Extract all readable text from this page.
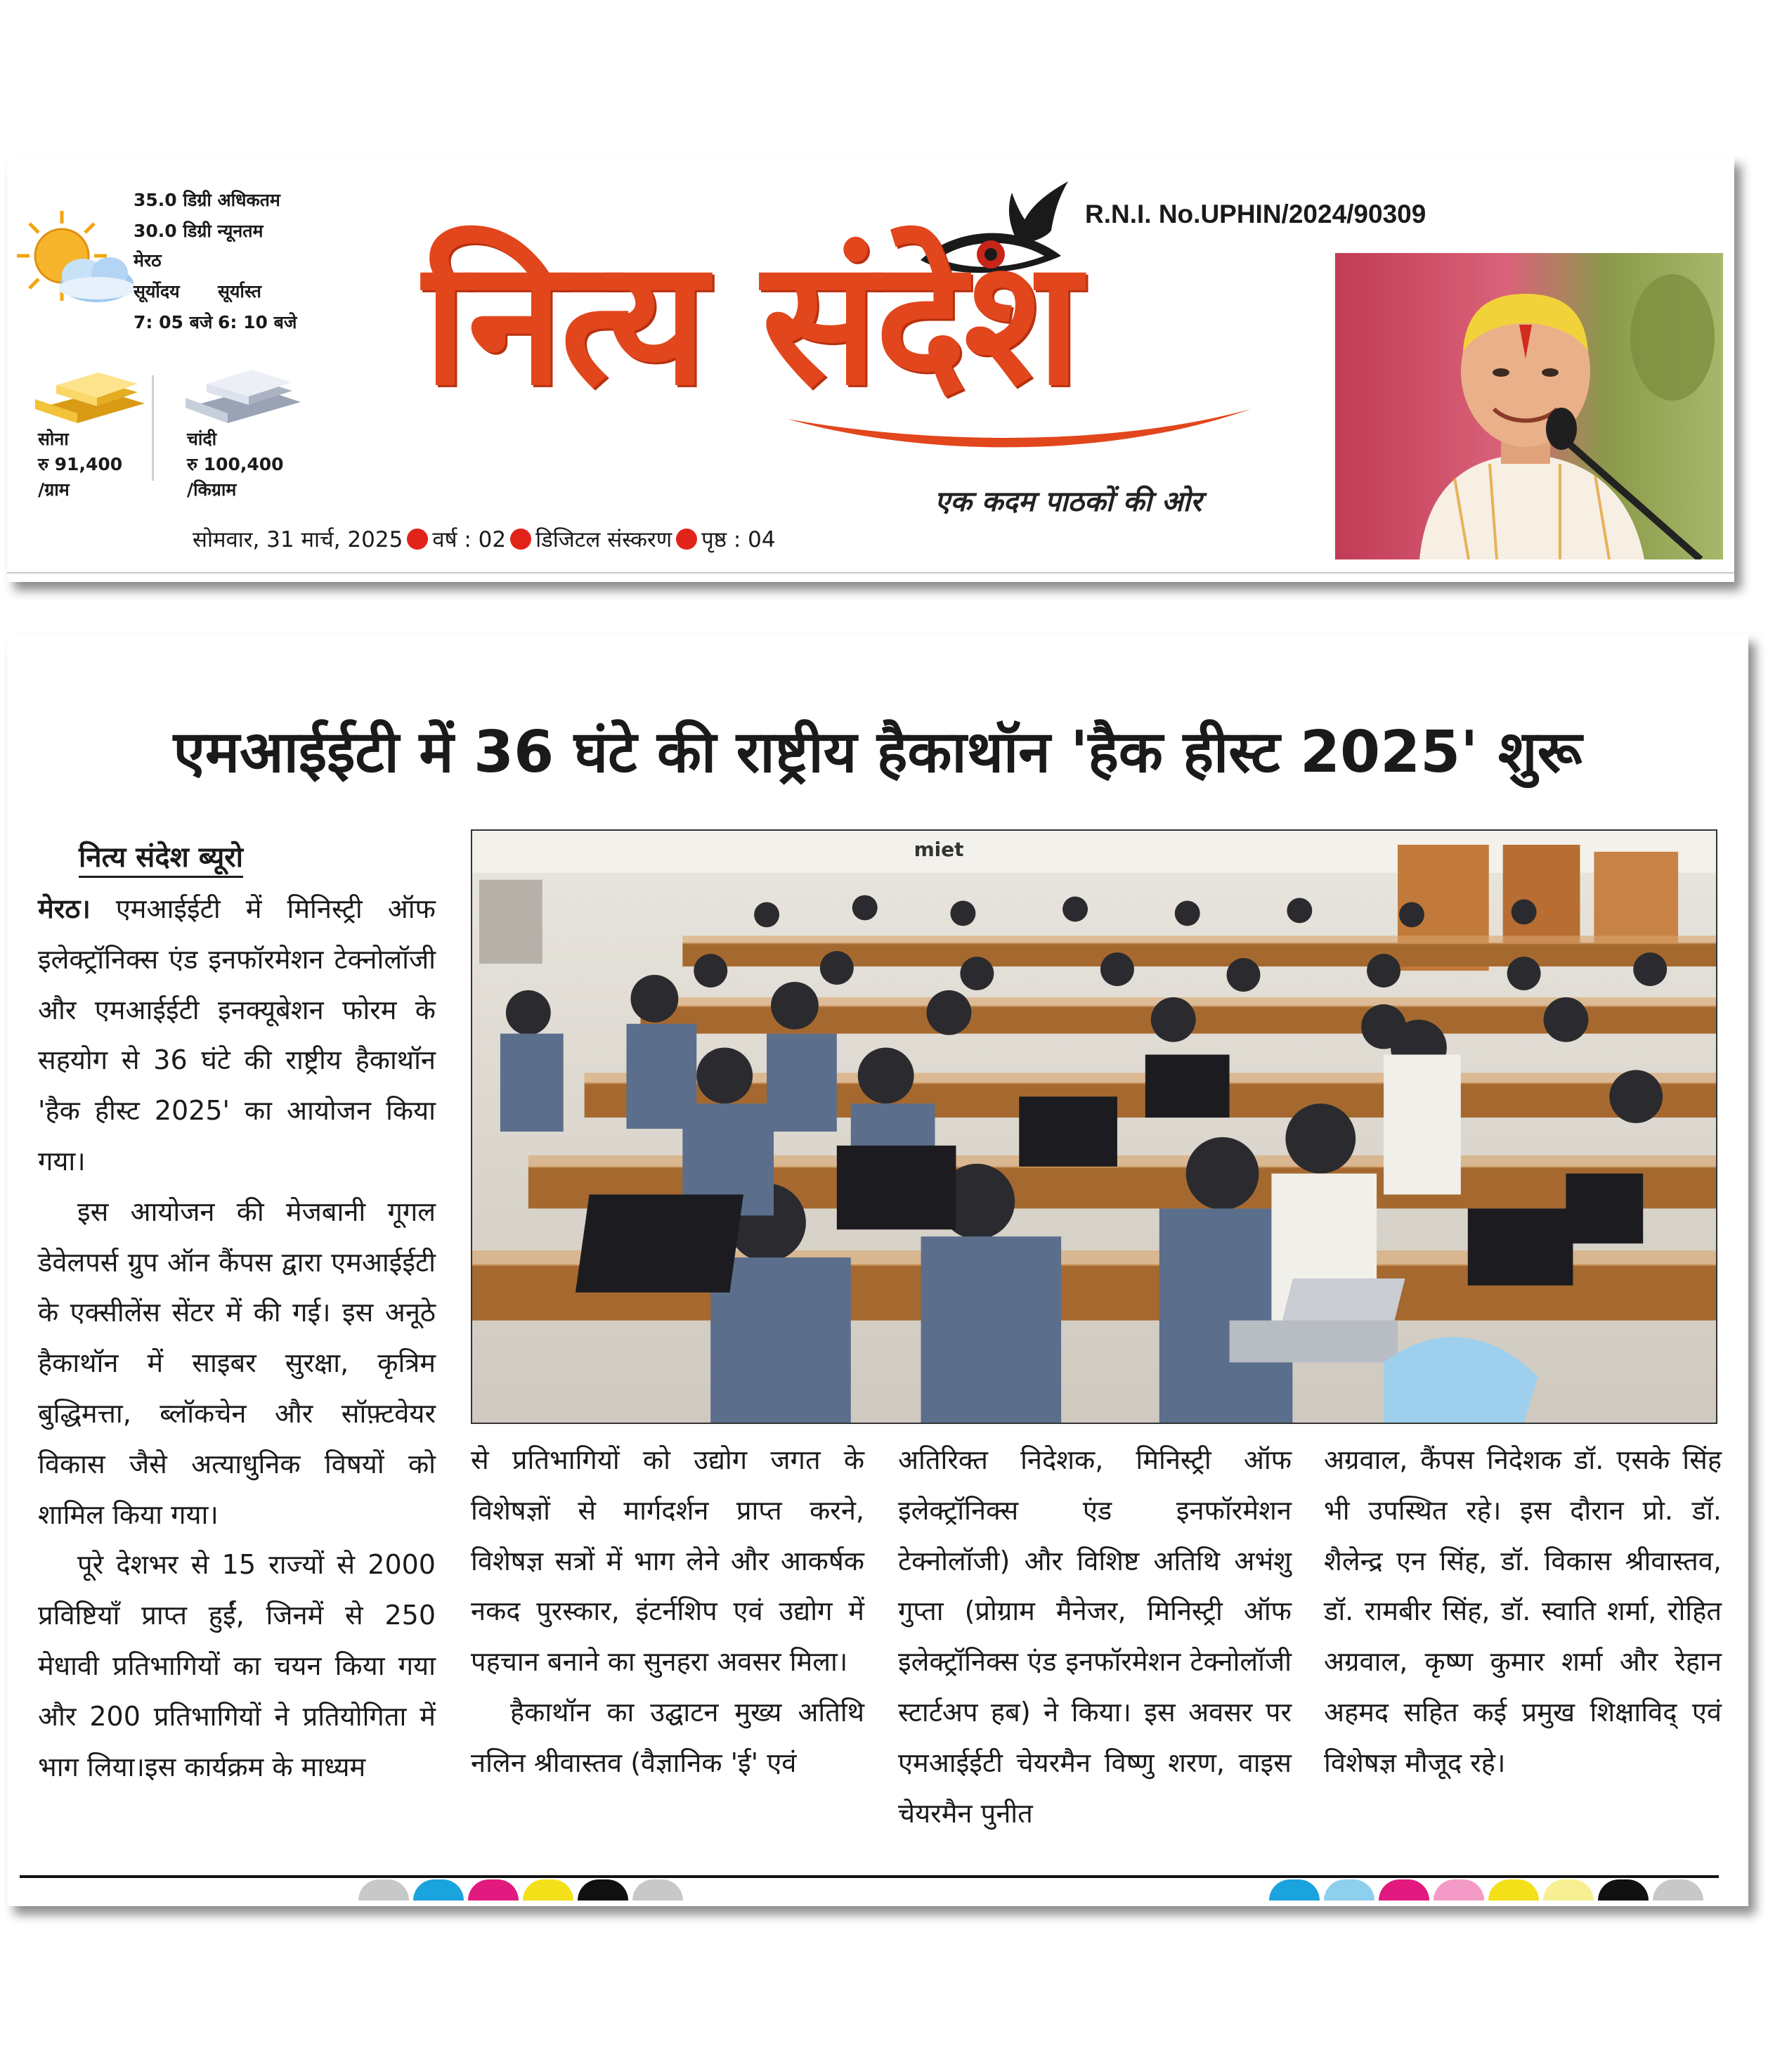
35.0 डिग्री अधिकतम
30.0 डिग्री न्यूनतम
मेरठ
सूर्योदय सूर्यास्त
7: 05 बजे 6: 10 बजे
सोना
रु 91,400
/ग्राम
चांदी
रु 100,400
/किग्राम
R.N.I. No.UPHIN/2024/90309
नित्य संदेश
एक कदम पाठकों की ओर
सोमवार, 31 मार्च, 2025 वर्ष : 02 डिजिटल संस्करण पृष्ठ : 04
एमआईईटी में 36 घंटे की राष्ट्रीय हैकाथॉन 'हैक हीस्ट 2025' शुरू
नित्य संदेश ब्यूरो

मेरठ। एमआईईटी में मिनिस्ट्री ऑफ इलेक्ट्रॉनिक्स एंड इनफॉरमेशन टेक्नोलॉजी और एमआईईटी इनक्यूबेशन फोरम के सहयोग से 36 घंटे की राष्ट्रीय हैकाथॉन 'हैक हीस्ट 2025' का आयोजन किया गया।

इस आयोजन की मेजबानी गूगल डेवेलपर्स ग्रुप ऑन कैंपस द्वारा एमआईईटी के एक्सीलेंस सेंटर में की गई। इस अनूठे हैकाथॉन में साइबर सुरक्षा, कृत्रिम बुद्धिमत्ता, ब्लॉकचेन और सॉफ़्टवेयर विकास जैसे अत्याधुनिक विषयों को शामिल किया गया।

पूरे देशभर से 15 राज्यों से 2000 प्रविष्टियाँ प्राप्त हुईं, जिनमें से 250 मेधावी प्रतिभागियों का चयन किया गया और 200 प्रतिभागियों ने प्रतियोगिता में भाग लिया।इस कार्यक्रम के माध्यम

miet

से प्रतिभागियों को उद्योग जगत के विशेषज्ञों से मार्गदर्शन प्राप्त करने, विशेषज्ञ सत्रों में भाग लेने और आकर्षक नकद पुरस्कार, इंटर्नशिप एवं उद्योग में पहचान बनाने का सुनहरा अवसर मिला।

हैकाथॉन का उद्घाटन मुख्य अतिथि नलिन श्रीवास्तव (वैज्ञानिक 'ई' एवं

अतिरिक्त निदेशक, मिनिस्ट्री ऑफ इलेक्ट्रॉनिक्स एंड इनफॉरमेशन टेक्नोलॉजी) और विशिष्ट अतिथि अभंशु गुप्ता (प्रोग्राम मैनेजर, मिनिस्ट्री ऑफ इलेक्ट्रॉनिक्स एंड इनफॉरमेशन टेक्नोलॉजी स्टार्टअप हब) ने किया। इस अवसर पर एमआईईटी चेयरमैन विष्णु शरण, वाइस चेयरमैन पुनीत

अग्रवाल, कैंपस निदेशक डॉ. एसके सिंह भी उपस्थित रहे। इस दौरान प्रो. डॉ. शैलेन्द्र एन सिंह, डॉ. विकास श्रीवास्तव, डॉ. रामबीर सिंह, डॉ. स्वाति शर्मा, रोहित अग्रवाल, कृष्ण कुमार शर्मा और रेहान अहमद सहित कई प्रमुख शिक्षाविद् एवं विशेषज्ञ मौजूद रहे।
